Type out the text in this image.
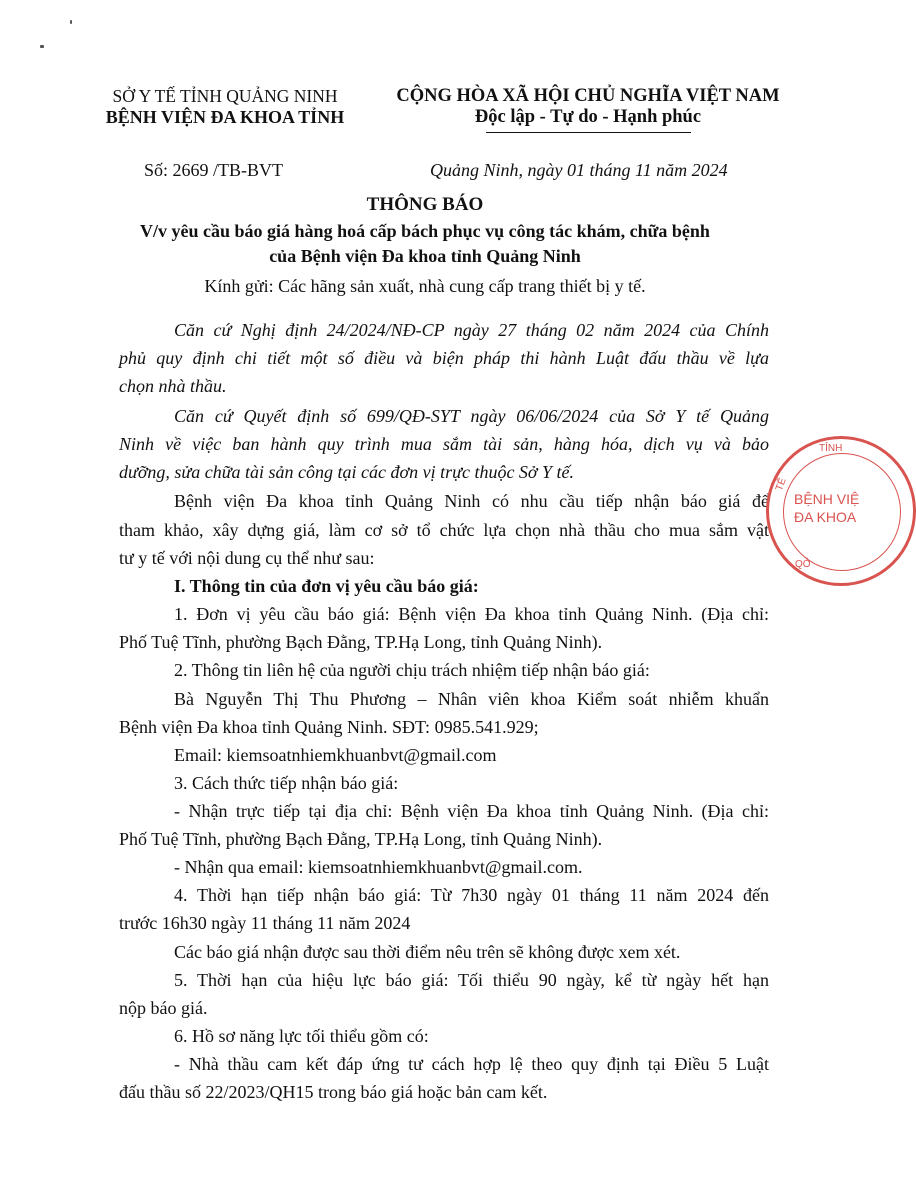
SỞ Y TẾ TỈNH QUẢNG NINH
BỆNH VIỆN ĐA KHOA TỈNH
CỘNG HÒA XÃ HỘI CHỦ NGHĨA VIỆT NAM
Độc lập - Tự do - Hạnh phúc
Số: 2669 /TB-BVT	Quảng Ninh, ngày 01 tháng 11 năm 2024
THÔNG BÁO
V/v yêu cầu báo giá hàng hoá cấp bách phục vụ công tác khám, chữa bệnh
của Bệnh viện Đa khoa tỉnh Quảng Ninh
Kính gửi: Các hãng sản xuất, nhà cung cấp trang thiết bị y tế.
Căn cứ Nghị định 24/2024/NĐ-CP ngày 27 tháng 02 năm 2024 của Chính
phủ quy định chi tiết một số điều và biện pháp thi hành Luật đấu thầu về lựa
chọn nhà thầu.
Căn cứ Quyết định số 699/QĐ-SYT ngày 06/06/2024 của Sở Y tế Quảng
Ninh về việc ban hành quy trình mua sắm tài sản, hàng hóa, dịch vụ và bảo
dưỡng, sửa chữa tài sản công tại các đơn vị trực thuộc Sở Y tế.
Bệnh viện Đa khoa tỉnh Quảng Ninh có nhu cầu tiếp nhận báo giá để
tham khảo, xây dựng giá, làm cơ sở tổ chức lựa chọn nhà thầu cho mua sắm vật
tư y tế với nội dung cụ thể như sau:
I. Thông tin của đơn vị yêu cầu báo giá:
1. Đơn vị yêu cầu báo giá: Bệnh viện Đa khoa tỉnh Quảng Ninh. (Địa chỉ:
Phố Tuệ Tĩnh, phường Bạch Đằng, TP.Hạ Long, tỉnh Quảng Ninh).
2. Thông tin liên hệ của người chịu trách nhiệm tiếp nhận báo giá:
Bà Nguyễn Thị Thu Phương – Nhân viên khoa Kiểm soát nhiễm khuẩn
Bệnh viện Đa khoa tỉnh Quảng Ninh. SĐT: 0985.541.929;
Email: kiemsoatnhiemkhuanbvt@gmail.com
3. Cách thức tiếp nhận báo giá:
- Nhận trực tiếp tại địa chỉ: Bệnh viện Đa khoa tỉnh Quảng Ninh. (Địa chỉ:
Phố Tuệ Tĩnh, phường Bạch Đằng, TP.Hạ Long, tỉnh Quảng Ninh).
- Nhận qua email: kiemsoatnhiemkhuanbvt@gmail.com.
4. Thời hạn tiếp nhận báo giá: Từ 7h30 ngày 01 tháng 11 năm 2024 đến
trước 16h30 ngày 11 tháng 11 năm 2024
Các báo giá nhận được sau thời điểm nêu trên sẽ không được xem xét.
5. Thời hạn của hiệu lực báo giá: Tối thiểu 90 ngày, kể từ ngày hết hạn
nộp báo giá.
6. Hồ sơ năng lực tối thiểu gồm có:
- Nhà thầu cam kết đáp ứng tư cách hợp lệ theo quy định tại Điều 5 Luật
đấu thầu số 22/2023/QH15 trong báo giá hoặc bản cam kết.
TỈNH
TẾ
BỆNH VIỆ
ĐA KHOA
QỎ
